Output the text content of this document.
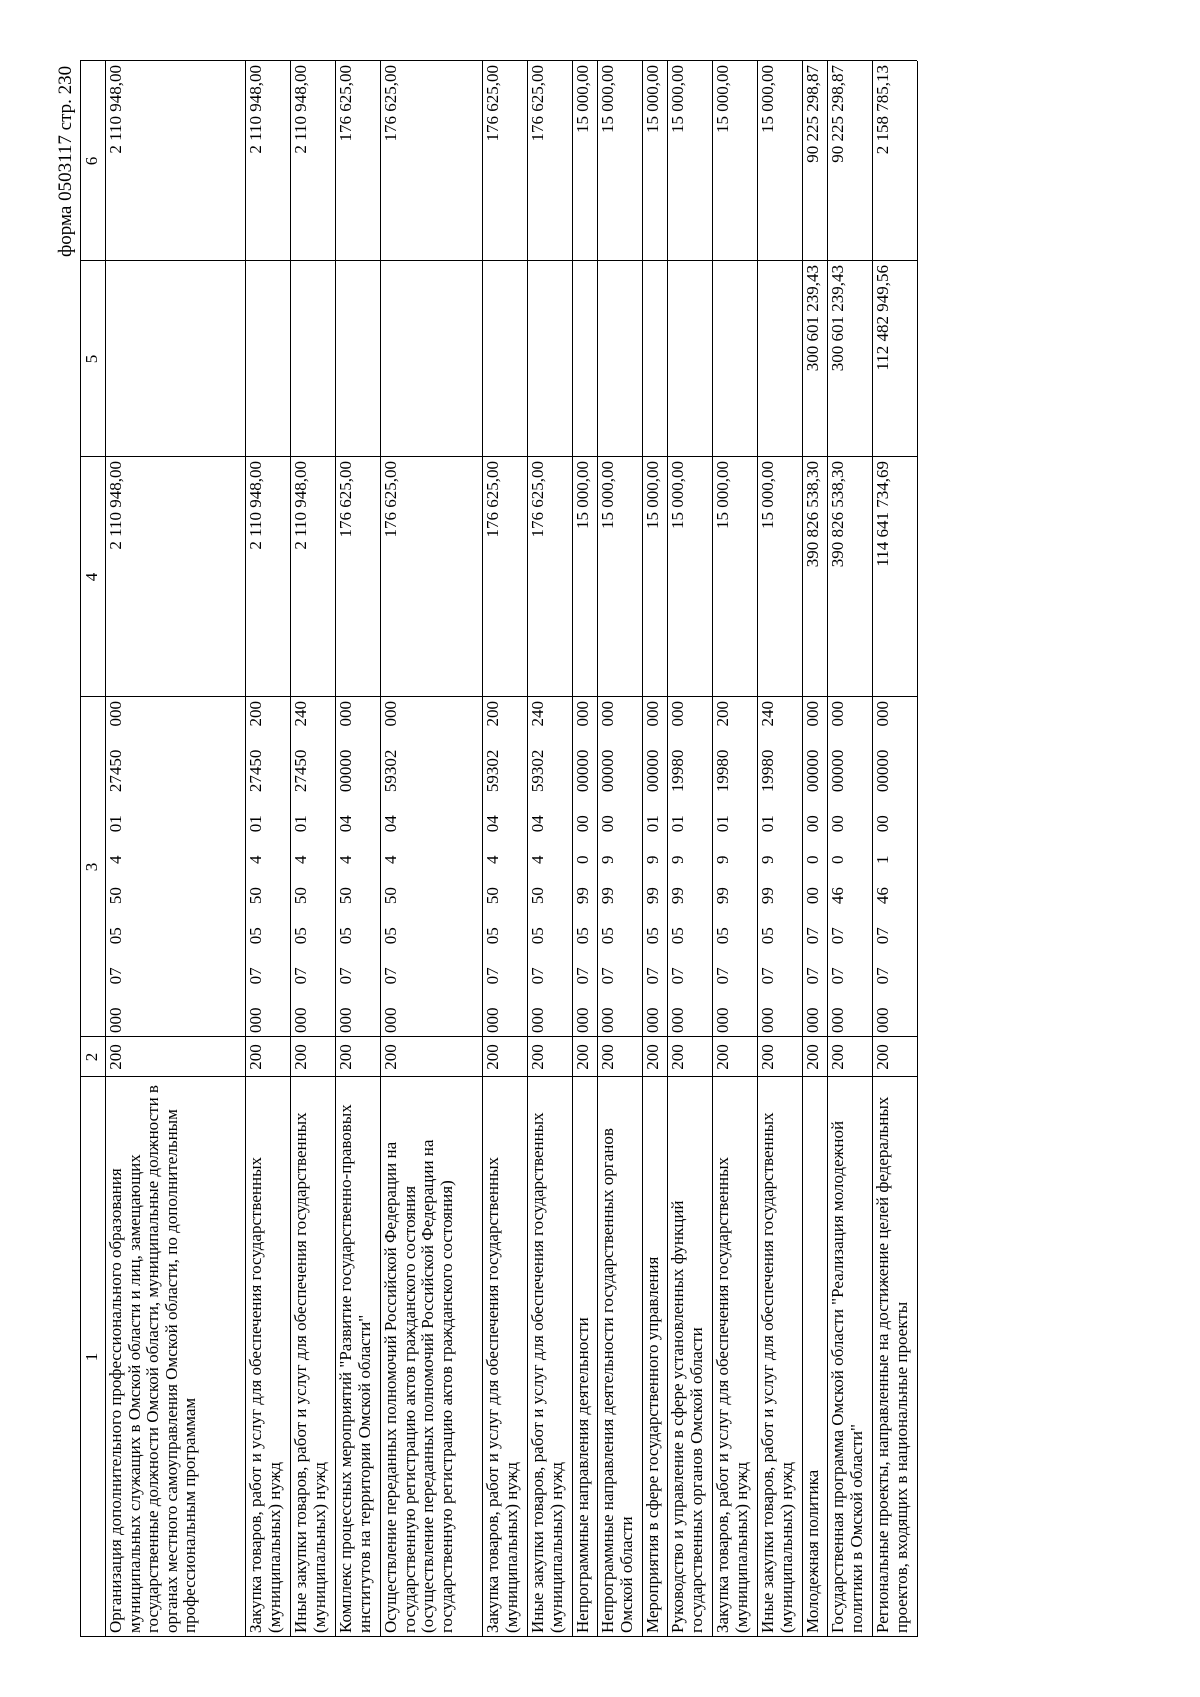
форма 0503117 стр. 230
1
2
3
4
5
6
Организация дополнительного профессионального образования муниципальных служащих в Омской области и лиц, замещающих государственные должности Омской области, муниципальные должности в органах местного самоуправления Омской области, по дополнительным профессиональным программам
200
000
07
05
50
4
01
27450
000
2 110 948,00
2 110 948,00
Закупка товаров, работ и услуг для обеспечения государственных (муниципальных) нужд
200
000
07
05
50
4
01
27450
200
2 110 948,00
2 110 948,00
Иные закупки товаров, работ и услуг для обеспечения государственных (муниципальных) нужд
200
000
07
05
50
4
01
27450
240
2 110 948,00
2 110 948,00
Комплекс процессных мероприятий "Развитие государственно-правовых институтов на территории Омской области"
200
000
07
05
50
4
04
00000
000
176 625,00
176 625,00
Осуществление переданных полномочий Российской Федерации на государственную регистрацию актов гражданского состояния (осуществление переданных полномочий Российской Федерации на государственную регистрацию актов гражданского состояния)
200
000
07
05
50
4
04
59302
000
176 625,00
176 625,00
Закупка товаров, работ и услуг для обеспечения государственных (муниципальных) нужд
200
000
07
05
50
4
04
59302
200
176 625,00
176 625,00
Иные закупки товаров, работ и услуг для обеспечения государственных (муниципальных) нужд
200
000
07
05
50
4
04
59302
240
176 625,00
176 625,00
Непрограммные направления деятельности
200
000
07
05
99
0
00
00000
000
15 000,00
15 000,00
Непрограммные направления деятельности государственных органов Омской области
200
000
07
05
99
9
00
00000
000
15 000,00
15 000,00
Мероприятия в сфере государственного управления
200
000
07
05
99
9
01
00000
000
15 000,00
15 000,00
Руководство и управление в сфере установленных функций государственных органов Омской области
200
000
07
05
99
9
01
19980
000
15 000,00
15 000,00
Закупка товаров, работ и услуг для обеспечения государственных (муниципальных) нужд
200
000
07
05
99
9
01
19980
200
15 000,00
15 000,00
Иные закупки товаров, работ и услуг для обеспечения государственных (муниципальных) нужд
200
000
07
05
99
9
01
19980
240
15 000,00
15 000,00
Молодежная политика
200
000
07
07
00
0
00
00000
000
390 826 538,30
300 601 239,43
90 225 298,87
Государственная программа Омской области "Реализация молодежной политики в Омской области"
200
000
07
07
46
0
00
00000
000
390 826 538,30
300 601 239,43
90 225 298,87
Региональные проекты, направленные на достижение целей федеральных проектов, входящих в национальные проекты
200
000
07
07
46
1
00
00000
000
114 641 734,69
112 482 949,56
2 158 785,13
